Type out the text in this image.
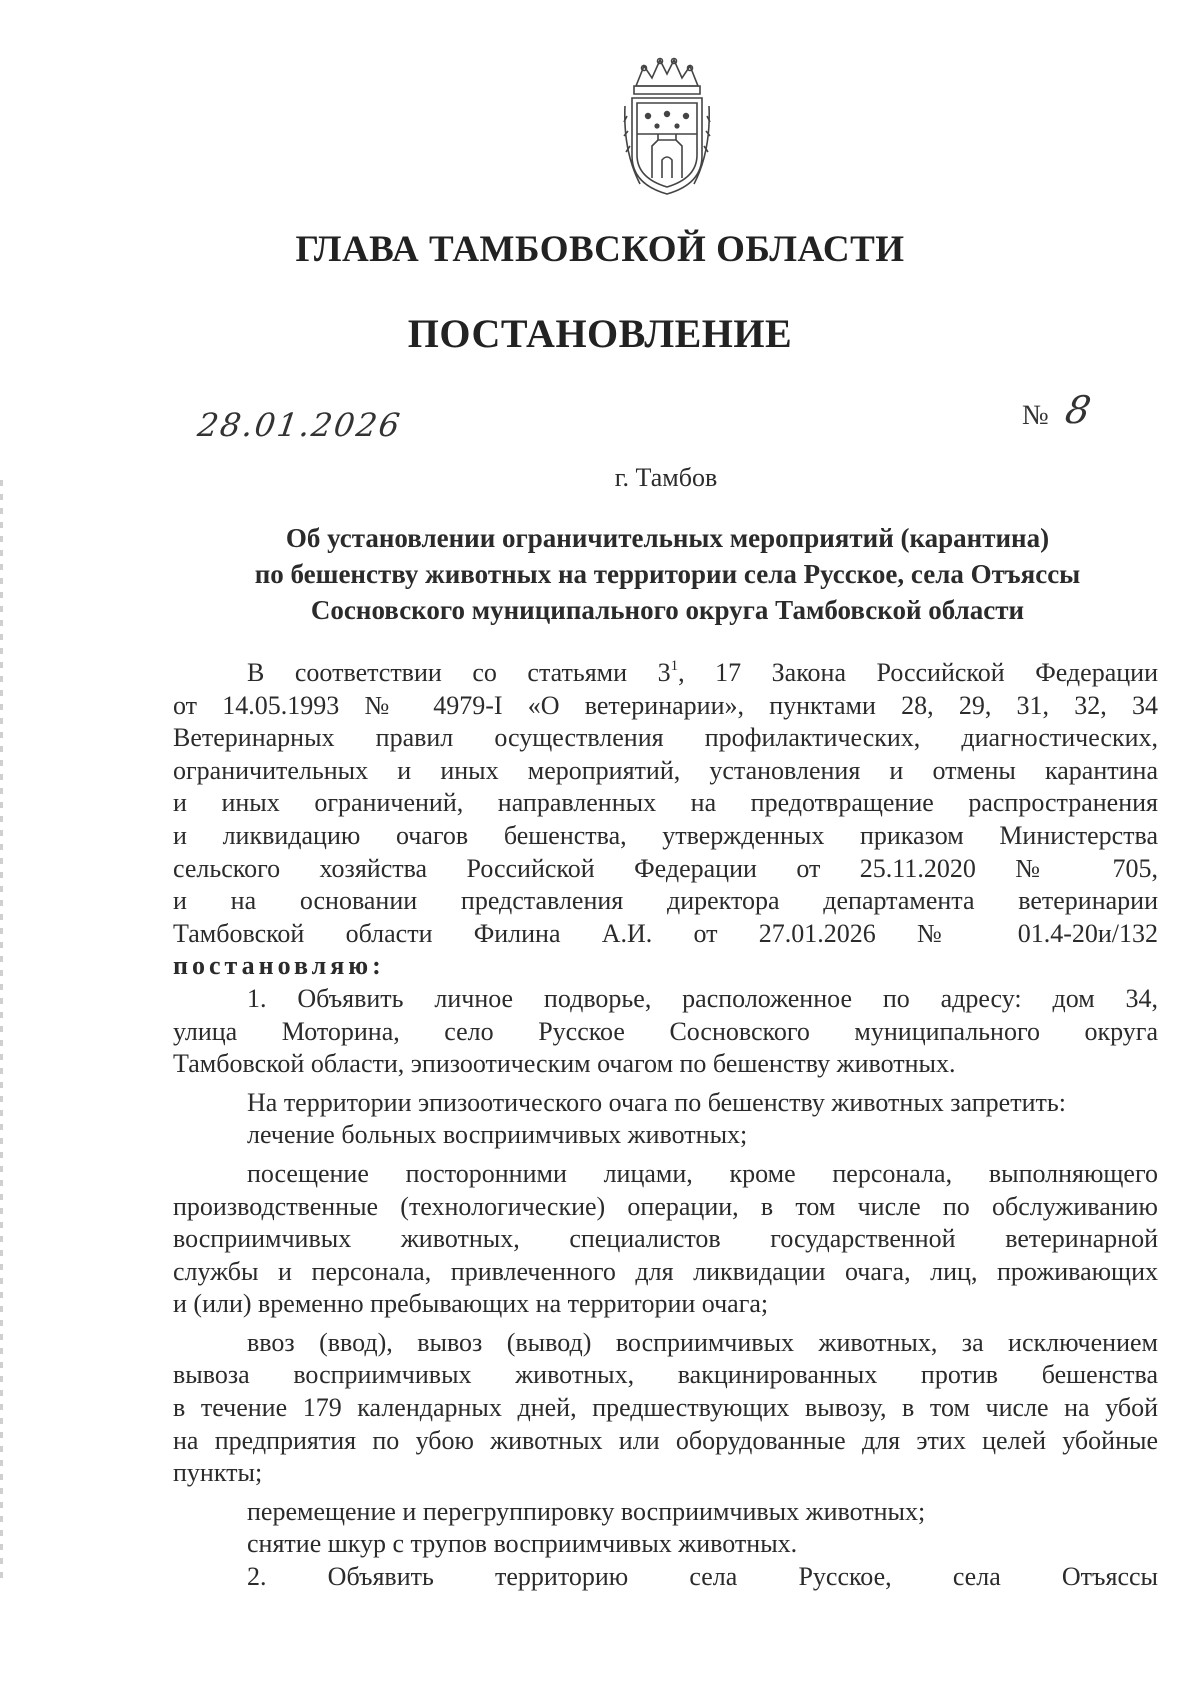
ГЛАВА ТАМБОВСКОЙ ОБЛАСТИ
ПОСТАНОВЛЕНИЕ
28.01.2026	№ 8
г. Тамбов
Об установлении ограничительных мероприятий (карантина)
по бешенству животных на территории села Русское, села Отъяссы
Сосновского муниципального округа Тамбовской области
В соответствии со статьями $3^1$, 17 Закона Российской Федерации
от 14.05.1993 № 4979-I «О ветеринарии», пунктами 28, 29, 31, 32, 34
Ветеринарных правил осуществления профилактических, диагностических,
ограничительных и иных мероприятий, установления и отмены карантина
и иных ограничений, направленных на предотвращение распространения
и ликвидацию очагов бешенства, утвержденных приказом Министерства
сельского хозяйства Российской Федерации от 25.11.2020 № 705,
и на основании представления директора департамента ветеринарии
Тамбовской области Филина А.И. от 27.01.2026 № 01.4-20и/132
постановляю:
1. Объявить личное подворье, расположенное по адресу: дом 34,
улица Моторина, село Русское Сосновского муниципального округа
Тамбовской области, эпизоотическим очагом по бешенству животных.
На территории эпизоотического очага по бешенству животных запретить:
лечение больных восприимчивых животных;
посещение посторонними лицами, кроме персонала, выполняющего
производственные (технологические) операции, в том числе по обслуживанию
восприимчивых животных, специалистов государственной ветеринарной
службы и персонала, привлеченного для ликвидации очага, лиц, проживающих
и (или) временно пребывающих на территории очага;
ввоз (ввод), вывоз (вывод) восприимчивых животных, за исключением
вывоза восприимчивых животных, вакцинированных против бешенства
в течение 179 календарных дней, предшествующих вывозу, в том числе на убой
на предприятия по убою животных или оборудованные для этих целей убойные
пункты;
перемещение и перегруппировку восприимчивых животных;
снятие шкур с трупов восприимчивых животных.
2. Объявить территорию села Русское, села Отъяссы
